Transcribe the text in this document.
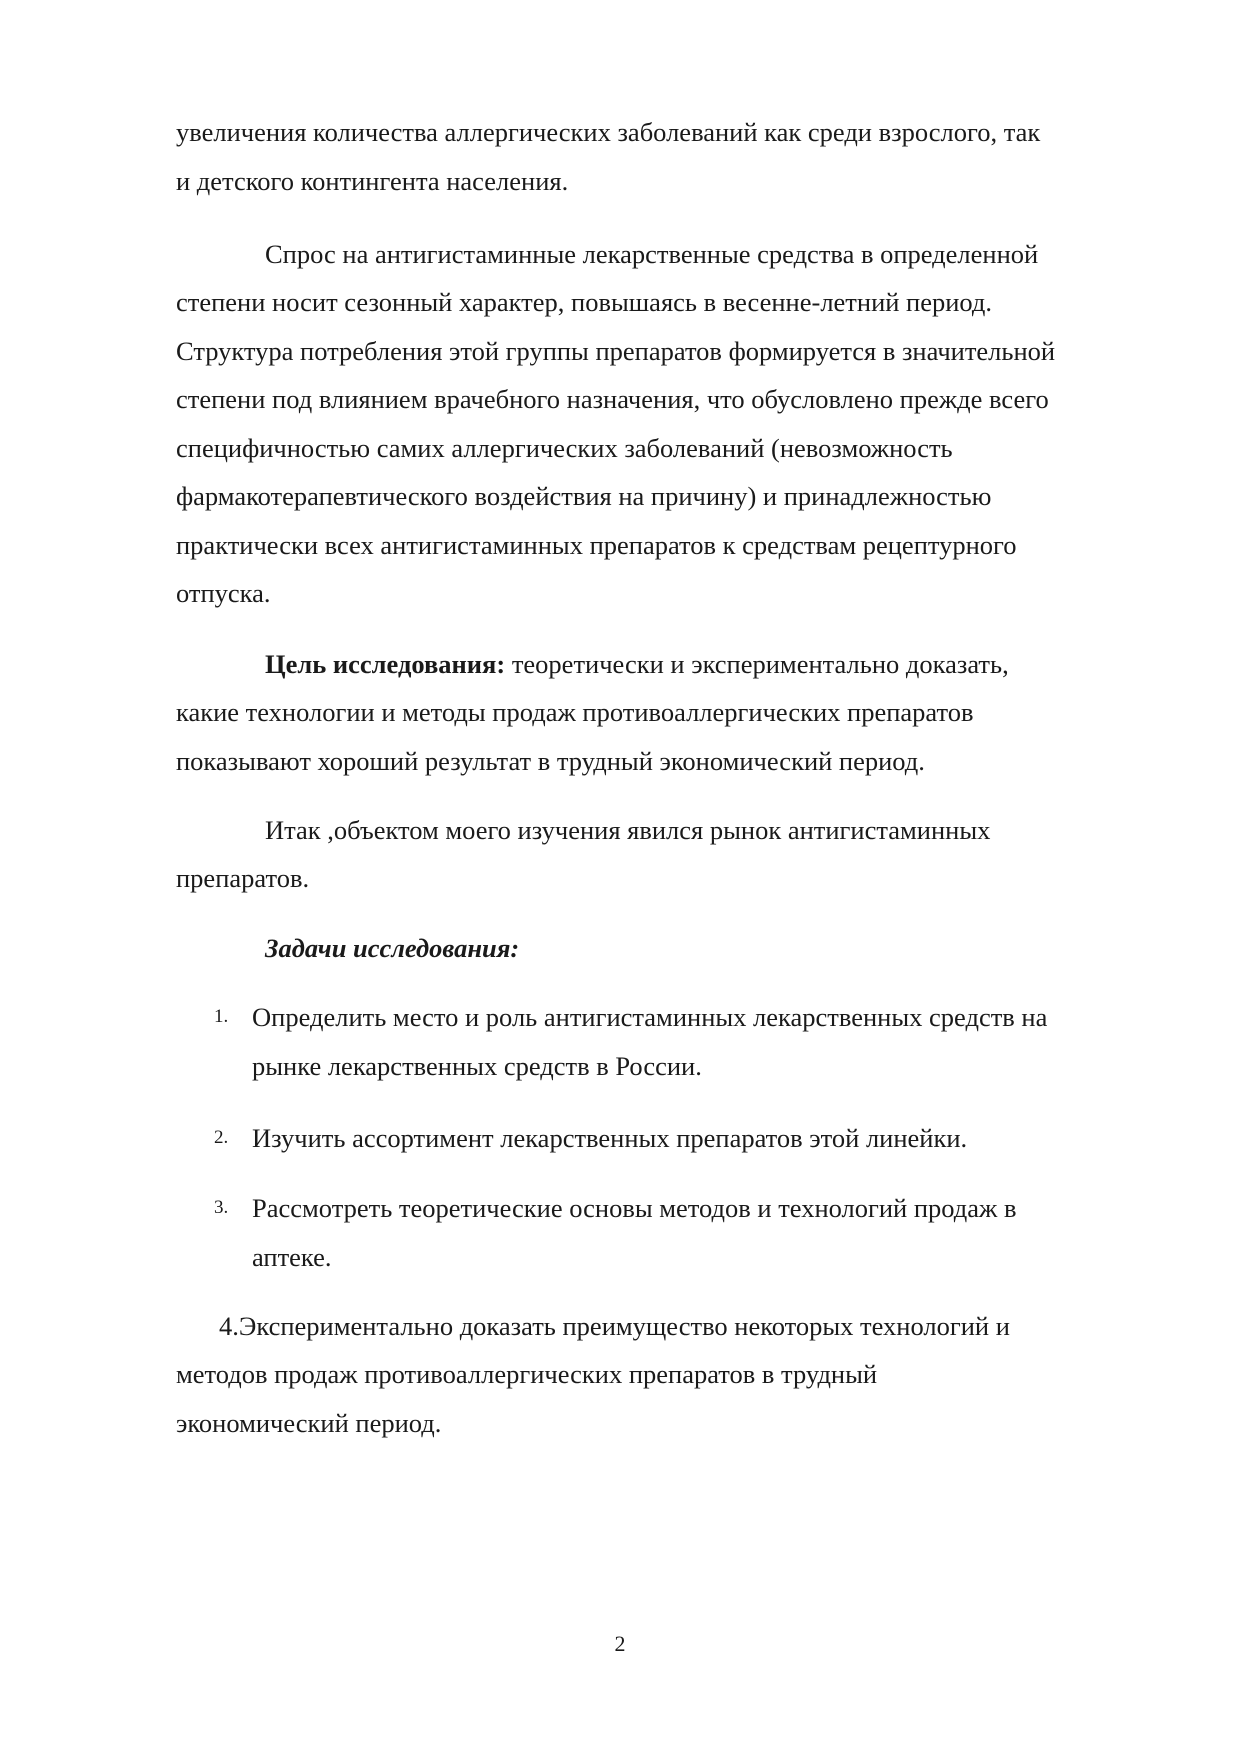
увеличения количества аллергических заболеваний как среди взрослого, так
и детского контингента населения.

Спрос на антигистаминные лекарственные средства в определенной

степени носит сезонный характер, повышаясь в весенне-летний период.
Структура потребления этой группы препаратов формируется в значительной
степени под влиянием врачебного назначения, что обусловлено прежде всего
специфичностью самих аллергических заболеваний (невозможность
фармакотерапевтического воздействия на причину) и принадлежностью
практически всех антигистаминных препаратов к средствам рецептурного
отпуска.

Цель исследования: теоретически и экспериментально доказать,

какие технологии и методы продаж противоаллергических препаратов
показывают хороший результат в трудный экономический период.

Итак ,объектом моего изучения явился рынок антигистаминных

препаратов.

Задачи исследования:

1. Определить место и роль антигистаминных лекарственных средств на
рынке лекарственных средств в России.

2. Изучить ассортимент лекарственных препаратов этой линейки.

3. Рассмотреть теоретические основы методов и технологий продаж в
аптеке.

4.Экспериментально доказать преимущество некоторых технологий и

методов продаж противоаллергических препаратов в трудный
экономический период.

2
